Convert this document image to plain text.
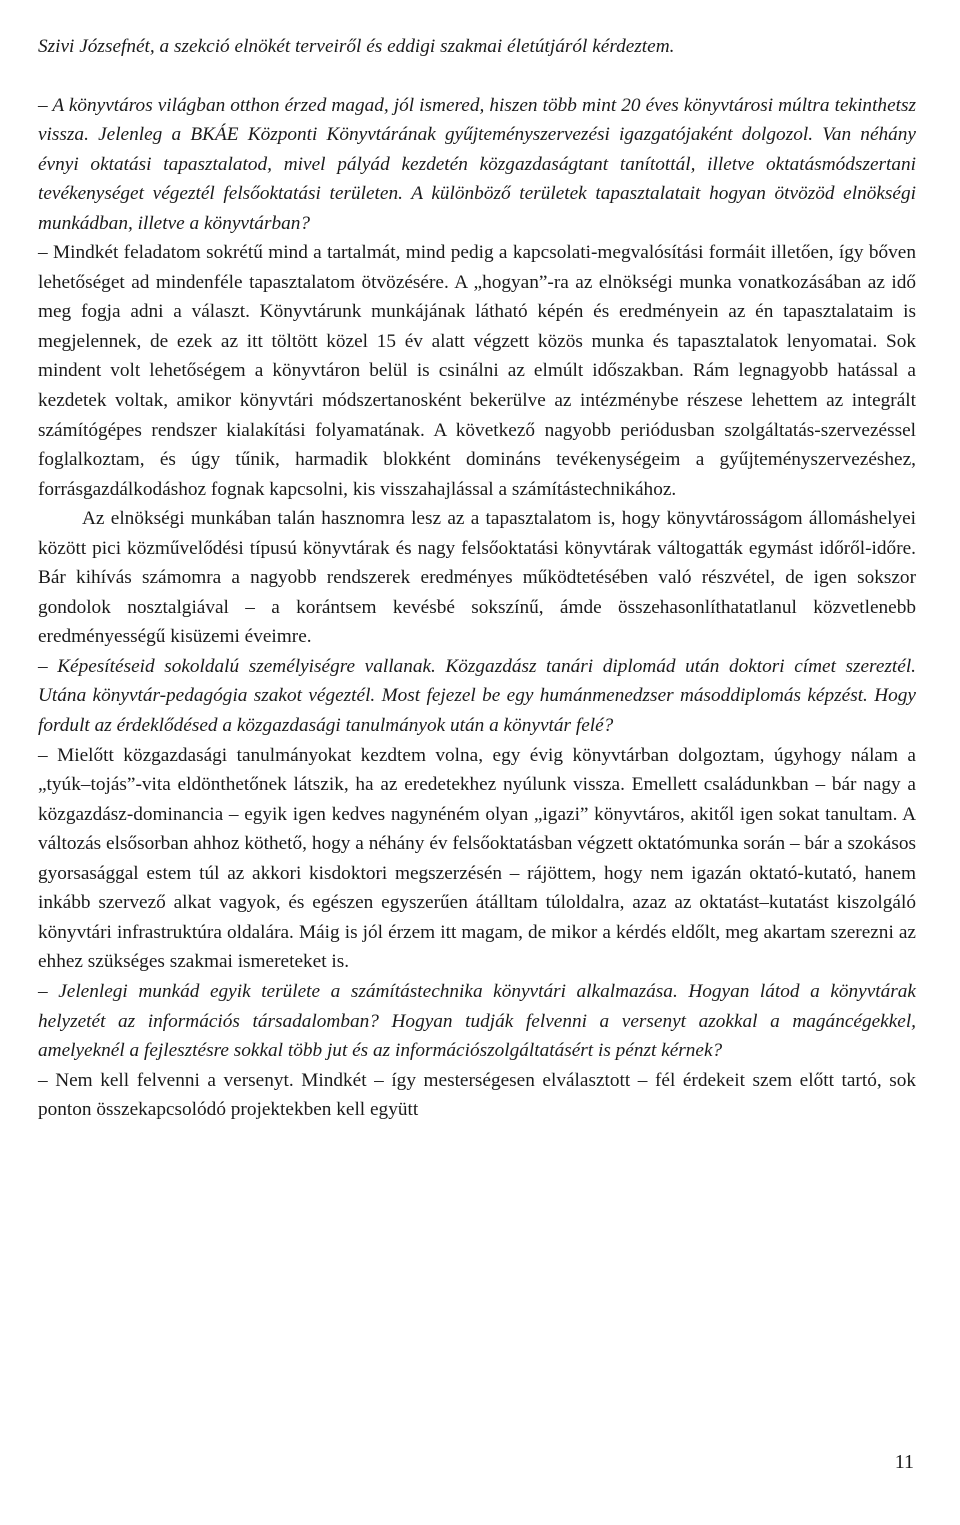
Szivi Józsefnét, a szekció elnökét terveiről és eddigi szakmai életútjáról kérdeztem.

– A könyvtáros világban otthon érzed magad, jól ismered, hiszen több mint 20 éves könyvtárosi múltra tekinthetsz vissza. Jelenleg a BKÁE Központi Könyvtárának gyűjteményszervezési igazgatójaként dolgozol. Van néhány évnyi oktatási tapasztalatod, mivel pályád kezdetén közgazdaságtant tanítottál, illetve oktatásmódszertani tevékenységet végeztél felsőoktatási területen. A különböző területek tapasztalatait hogyan ötvözöd elnökségi munkádban, illetve a könyvtárban?

– Mindkét feladatom sokrétű mind a tartalmát, mind pedig a kapcsolati-megvalósítási formáit illetően, így bőven lehetőséget ad mindenféle tapasztalatom ötvözésére. A „hogyan”-ra az elnökségi munka vonatkozásában az idő meg fogja adni a választ. Könyvtárunk munkájának látható képén és eredményein az én tapasztalataim is megjelennek, de ezek az itt töltött közel 15 év alatt végzett közös munka és tapasztalatok lenyomatai. Sok mindent volt lehetőségem a könyvtáron belül is csinálni az elmúlt időszakban. Rám legnagyobb hatással a kezdetek voltak, amikor könyvtári módszertanosként bekerülve az intézménybe részese lehettem az integrált számítógépes rendszer kialakítási folyamatának. A következő nagyobb periódusban szolgáltatás-szervezéssel foglalkoztam, és úgy tűnik, harmadik blokként domináns tevékenységeim a gyűjteményszervezéshez, forrásgazdálkodáshoz fognak kapcsolni, kis visszahajlással a számítástechnikához.

Az elnökségi munkában talán hasznomra lesz az a tapasztalatom is, hogy könyvtárosságom állomáshelyei között pici közművelődési típusú könyvtárak és nagy felsőoktatási könyvtárak váltogatták egymást időről-időre. Bár kihívás számomra a nagyobb rendszerek eredményes működtetésében való részvétel, de igen sokszor gondolok nosztalgiával – a korántsem kevésbé sokszínű, ámde összehasonlíthatatlanul közvetlenebb eredményességű kisüzemi éveimre.

– Képesítéseid sokoldalú személyiségre vallanak. Közgazdász tanári diplomád után doktori címet szereztél. Utána könyvtár-pedagógia szakot végeztél. Most fejezel be egy humánmenedzser másoddiplomás képzést. Hogy fordult az érdeklődésed a közgazdasági tanulmányok után a könyvtár felé?

– Mielőtt közgazdasági tanulmányokat kezdtem volna, egy évig könyvtárban dolgoztam, úgyhogy nálam a „tyúk–tojás”-vita eldönthetőnek látszik, ha az eredetekhez nyúlunk vissza. Emellett családunkban – bár nagy a közgazdász-dominancia – egyik igen kedves nagynéném olyan „igazi” könyvtáros, akitől igen sokat tanultam. A változás elsősorban ahhoz köthető, hogy a néhány év felsőoktatásban végzett oktatómunka során – bár a szokásos gyorsasággal estem túl az akkori kisdoktori megszerzésén – rájöttem, hogy nem igazán oktató-kutató, hanem inkább szervező alkat vagyok, és egészen egyszerűen átálltam túloldalra, azaz az oktatást–kutatást kiszolgáló könyvtári infrastruktúra oldalára. Máig is jól érzem itt magam, de mikor a kérdés eldőlt, meg akartam szerezni az ehhez szükséges szakmai ismereteket is.

– Jelenlegi munkád egyik területe a számítástechnika könyvtári alkalmazása. Hogyan látod a könyvtárak helyzetét az információs társadalomban? Hogyan tudják felvenni a versenyt azokkal a magáncégekkel, amelyeknél a fejlesztésre sokkal több jut és az információszolgáltatásért is pénzt kérnek?

– Nem kell felvenni a versenyt. Mindkét – így mesterségesen elválasztott – fél érdekeit szem előtt tartó, sok ponton összekapcsolódó projektekben kell együtt

11
